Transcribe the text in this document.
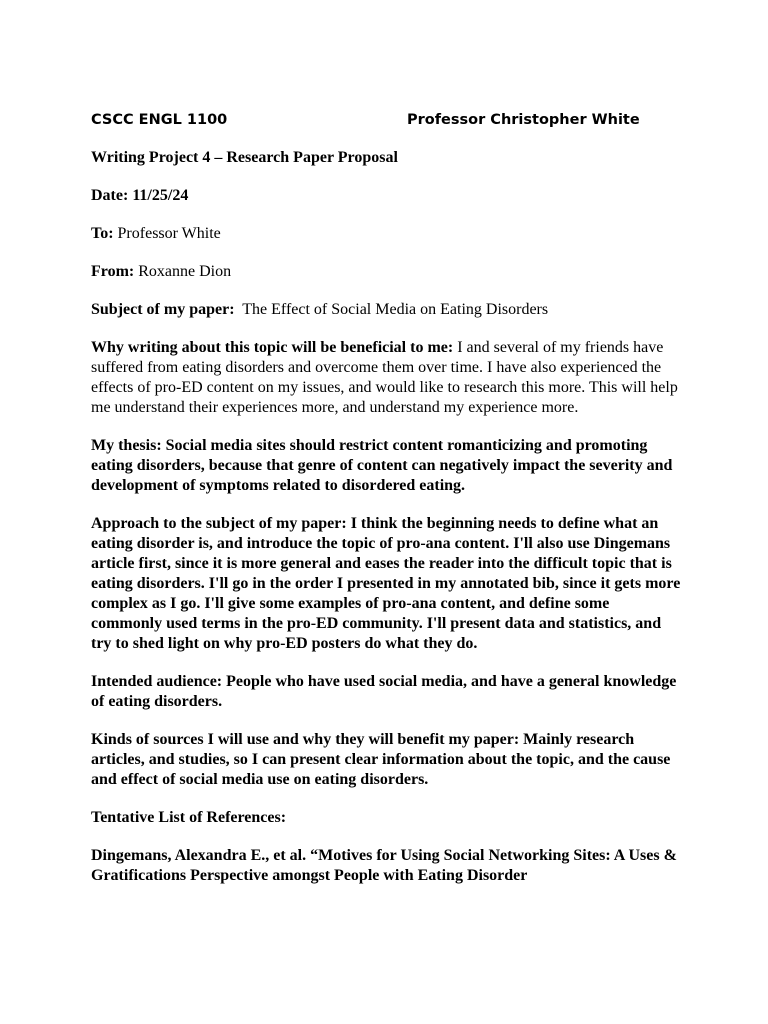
CSCC ENGL 1100	Professor Christopher White

Writing Project 4 – Research Paper Proposal

Date: 11/25/24

To: Professor White

From: Roxanne Dion

Subject of my paper:  The Effect of Social Media on Eating Disorders

Why writing about this topic will be beneficial to me: I and several of my friends have suffered from eating disorders and overcome them over time. I have also experienced the effects of pro-ED content on my issues, and would like to research this more. This will help me understand their experiences more, and understand my experience more.

My thesis: Social media sites should restrict content romanticizing and promoting eating disorders, because that genre of content can negatively impact the severity and development of symptoms related to disordered eating.

Approach to the subject of my paper: I think the beginning needs to define what an eating disorder is, and introduce the topic of pro-ana content. I'll also use Dingemans article first, since it is more general and eases the reader into the difficult topic that is eating disorders. I'll go in the order I presented in my annotated bib, since it gets more complex as I go. I'll give some examples of pro-ana content, and define some commonly used terms in the pro-ED community. I'll present data and statistics, and try to shed light on why pro-ED posters do what they do.

Intended audience: People who have used social media, and have a general knowledge of eating disorders.

Kinds of sources I will use and why they will benefit my paper: Mainly research articles, and studies, so I can present clear information about the topic, and the cause and effect of social media use on eating disorders.

Tentative List of References:

Dingemans, Alexandra E., et al. “Motives for Using Social Networking Sites: A Uses & Gratifications Perspective amongst People with Eating Disorder
